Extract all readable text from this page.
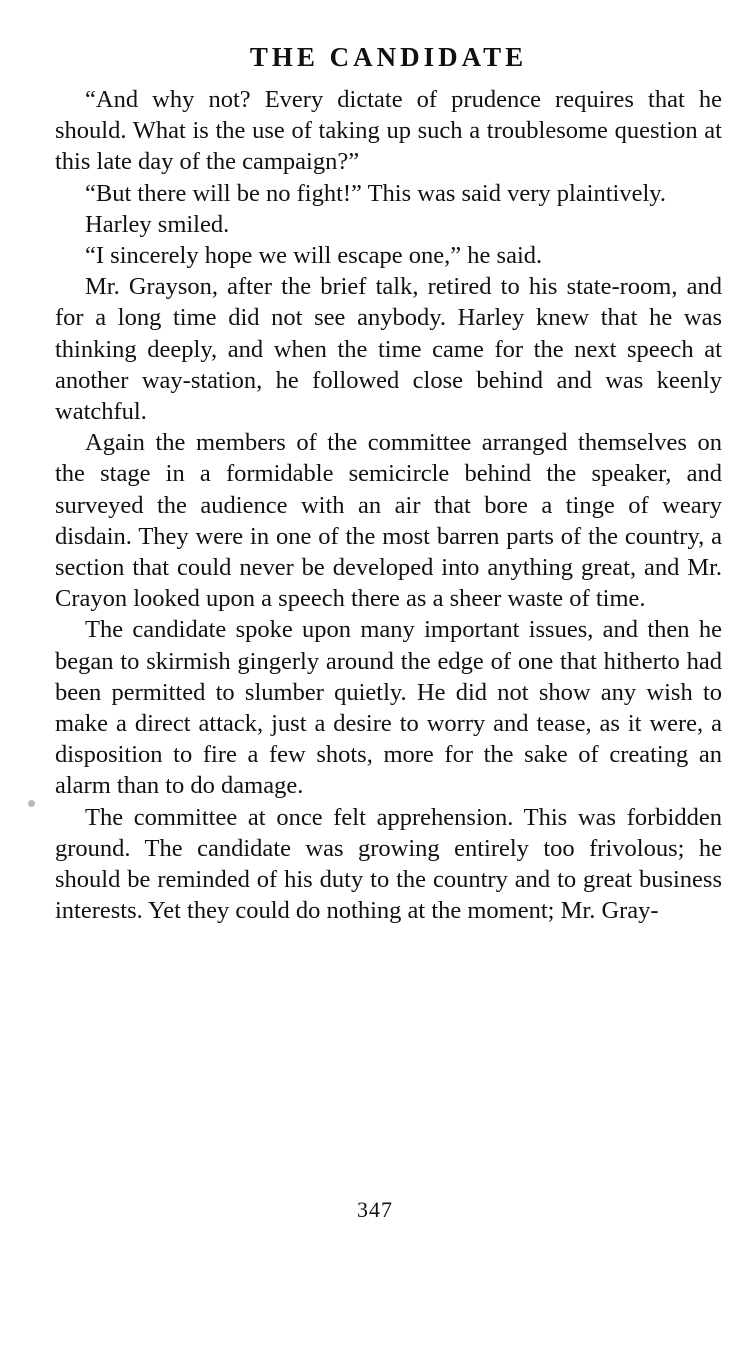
THE CANDIDATE

“And why not? Every dictate of prudence requires that he should. What is the use of taking up such a troublesome question at this late day of the campaign?”

“But there will be no fight!” This was said very plaintively.

Harley smiled.

“I sincerely hope we will escape one,” he said.

Mr. Grayson, after the brief talk, retired to his state-room, and for a long time did not see anybody. Harley knew that he was thinking deeply, and when the time came for the next speech at another way-station, he followed close behind and was keenly watchful.

Again the members of the committee arranged themselves on the stage in a formidable semicircle behind the speaker, and surveyed the audience with an air that bore a tinge of weary disdain. They were in one of the most barren parts of the country, a section that could never be developed into anything great, and Mr. Crayon looked upon a speech there as a sheer waste of time.

The candidate spoke upon many important issues, and then he began to skirmish gingerly around the edge of one that hitherto had been permitted to slumber quietly. He did not show any wish to make a direct attack, just a desire to worry and tease, as it were, a disposition to fire a few shots, more for the sake of creating an alarm than to do damage.

The committee at once felt apprehension. This was forbidden ground. The candidate was growing entirely too frivolous; he should be reminded of his duty to the country and to great business interests. Yet they could do nothing at the moment; Mr. Gray-

347
